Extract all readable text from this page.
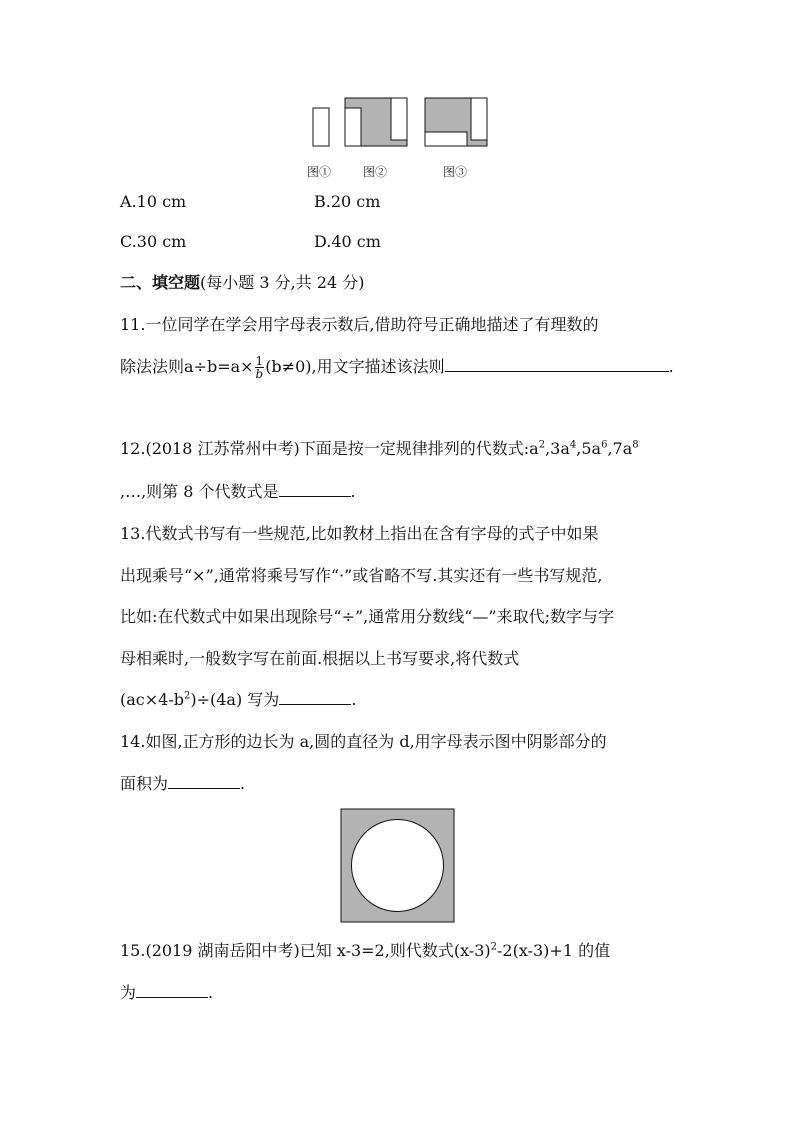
图①	图②	图③
A.10 cm	B.20 cm
C.30 cm	D.40 cm
二、填空题(每小题 3 分,共 24 分)
11.一位同学在学会用字母表示数后,借助符号正确地描述了有理数的
除法法则$a\div b=a\times \frac{1}{b} (b\ne 0)$,用文字描述该法则	.
12.(2018 江苏常州中考)下面是按一定规律排列的代数式$:a^2,3a^4,5a^6,7a^8$
,…,则第 8 个代数式是	.
13.代数式书写有一些规范,比如教材上指出在含有字母的式子中如果
出现乘号“×”,通常将乘号写作“·”或省略不写.其实还有一些书写规范,
比如:在代数式中如果出现除号“÷”,通常用分数线“—”来取代;数字与字
母相乘时,一般数字写在前面.根据以上书写要求,将代数式
$(ac\times 4-b^2)\div(4a)$ 写为	.
14.如图,正方形的边长为 a,圆的直径为 d,用字母表示图中阴影部分的
面积为	.
15.(2019 湖南岳阳中考)已知 x-3=2,则代数式$(x-3)^2-2(x-3)+1$ 的值
为	.
